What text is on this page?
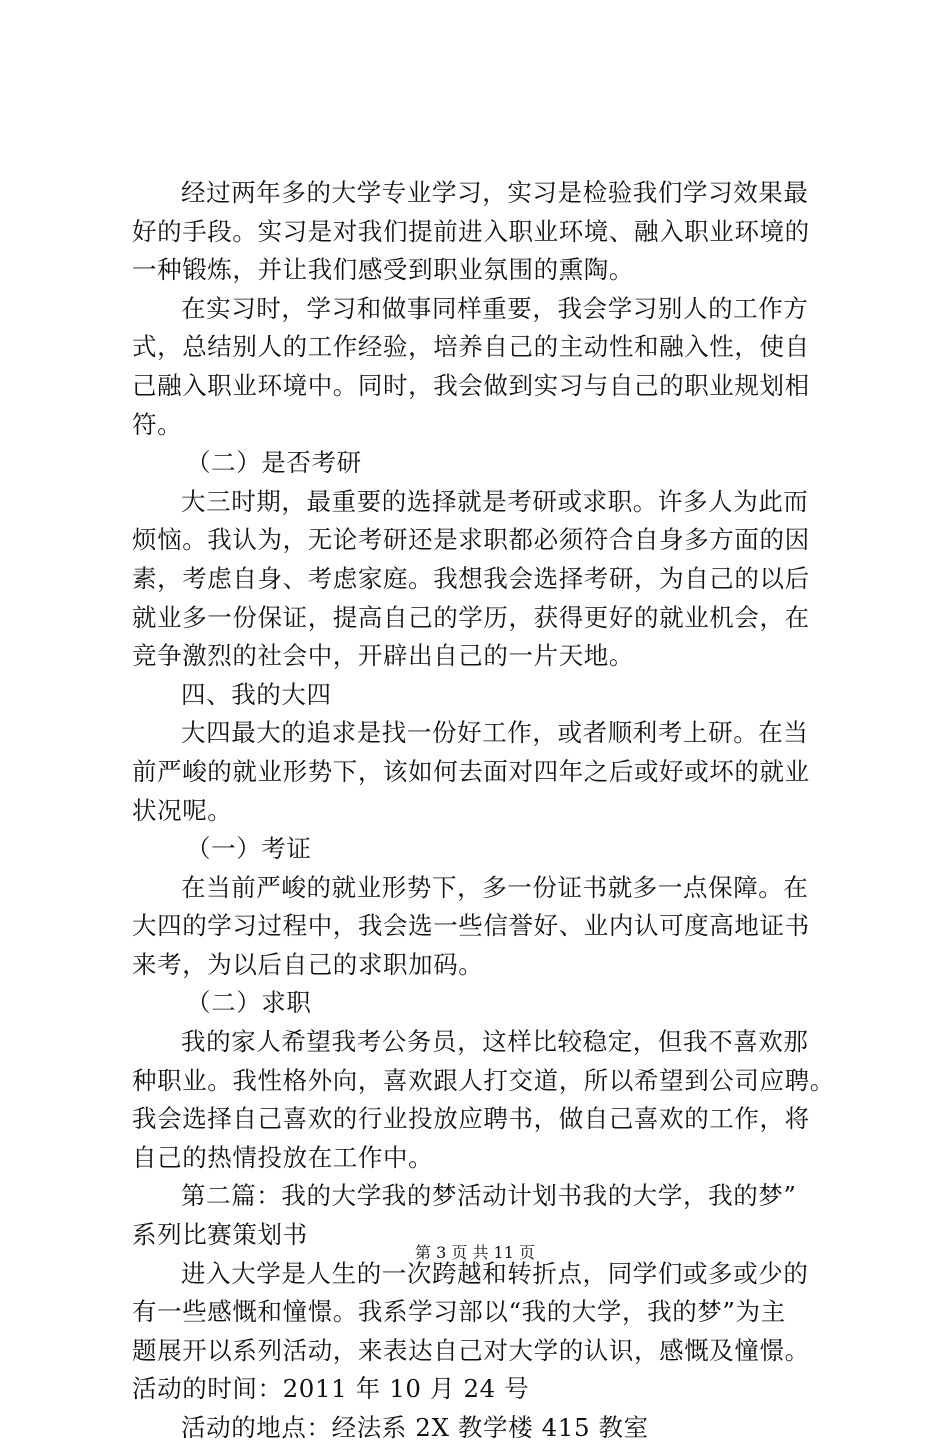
经过两年多的大学专业学习，实习是检验我们学习效果最
好的手段。实习是对我们提前进入职业环境、融入职业环境的
一种锻炼，并让我们感受到职业氛围的熏陶。
在实习时，学习和做事同样重要，我会学习别人的工作方
式，总结别人的工作经验，培养自己的主动性和融入性，使自
己融入职业环境中。同时，我会做到实习与自己的职业规划相
符。
（二）是否考研
大三时期，最重要的选择就是考研或求职。许多人为此而
烦恼。我认为，无论考研还是求职都必须符合自身多方面的因
素，考虑自身、考虑家庭。我想我会选择考研，为自己的以后
就业多一份保证，提高自己的学历，获得更好的就业机会，在
竞争激烈的社会中，开辟出自己的一片天地。
四、我的大四
大四最大的追求是找一份好工作，或者顺利考上研。在当
前严峻的就业形势下，该如何去面对四年之后或好或坏的就业
状况呢。
（一）考证
在当前严峻的就业形势下，多一份证书就多一点保障。在
大四的学习过程中，我会选一些信誉好、业内认可度高地证书
来考，为以后自己的求职加码。
（二）求职
我的家人希望我考公务员，这样比较稳定，但我不喜欢那
种职业。我性格外向，喜欢跟人打交道，所以希望到公司应聘。
我会选择自己喜欢的行业投放应聘书，做自己喜欢的工作，将
自己的热情投放在工作中。
第二篇：我的大学我的梦活动计划书我的大学，我的梦”
系列比赛策划书
进入大学是人生的一次跨越和转折点，同学们或多或少的
有一些感慨和憧憬。我系学习部以“我的大学，我的梦”为主
题展开以系列活动，来表达自己对大学的认识，感慨及憧憬。
活动的时间：2011 年 10 月 24 号
活动的地点：经法系 2X 教学楼 415 教室
第 3 页 共 11 页
